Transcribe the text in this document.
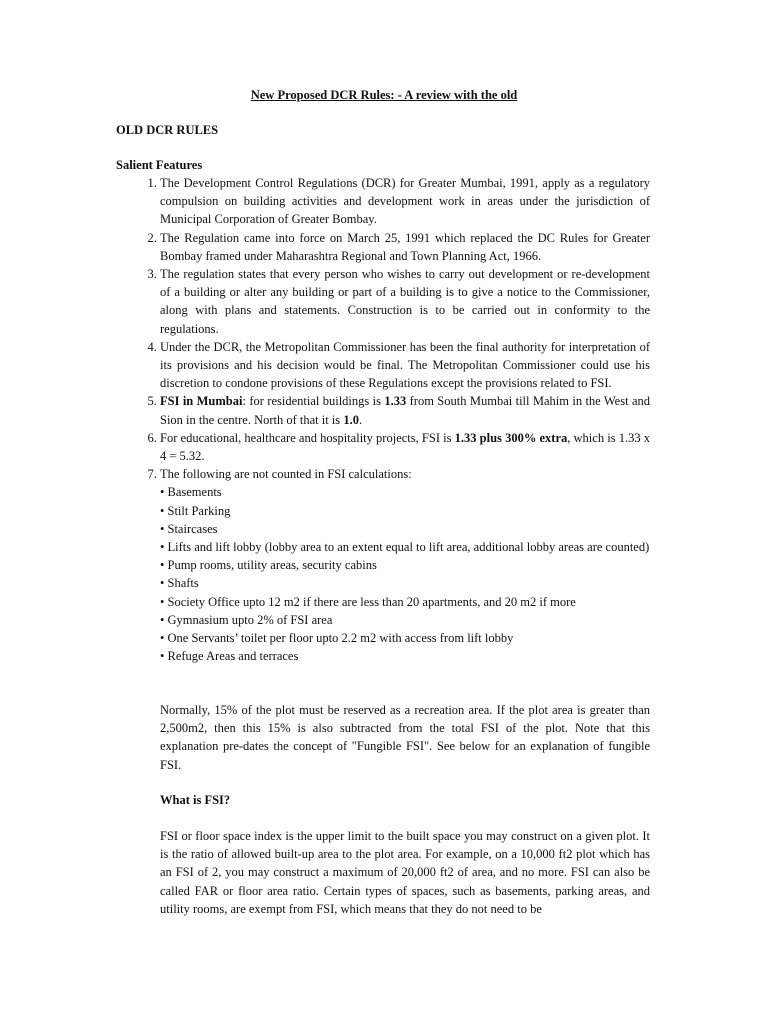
New Proposed DCR Rules: - A review with the old
OLD DCR RULES
Salient Features
1. The Development Control Regulations (DCR) for Greater Mumbai, 1991, apply as a regulatory compulsion on building activities and development work in areas under the jurisdiction of Municipal Corporation of Greater Bombay.
2. The Regulation came into force on March 25, 1991 which replaced the DC Rules for Greater Bombay framed under Maharashtra Regional and Town Planning Act, 1966.
3. The regulation states that every person who wishes to carry out development or re-development of a building or alter any building or part of a building is to give a notice to the Commissioner, along with plans and statements. Construction is to be carried out in conformity to the regulations.
4. Under the DCR, the Metropolitan Commissioner has been the final authority for interpretation of its provisions and his decision would be final. The Metropolitan Commissioner could use his discretion to condone provisions of these Regulations except the provisions related to FSI.
5. FSI in Mumbai: for residential buildings is 1.33 from South Mumbai till Mahim in the West and Sion in the centre. North of that it is 1.0.
6. For educational, healthcare and hospitality projects, FSI is 1.33 plus 300% extra, which is 1.33 x 4 = 5.32.
7. The following are not counted in FSI calculations:
• Basements
• Stilt Parking
• Staircases
• Lifts and lift lobby (lobby area to an extent equal to lift area, additional lobby areas are counted)
• Pump rooms, utility areas, security cabins
• Shafts
• Society Office upto 12 m2 if there are less than 20 apartments, and 20 m2 if more
• Gymnasium upto 2% of FSI area
• One Servants’ toilet per floor upto 2.2 m2 with access from lift lobby
• Refuge Areas and terraces

Normally, 15% of the plot must be reserved as a recreation area. If the plot area is greater than 2,500m2, then this 15% is also subtracted from the total FSI of the plot. Note that this explanation pre-dates the concept of "Fungible FSI". See below for an explanation of fungible FSI.

What is FSI?

FSI or floor space index is the upper limit to the built space you may construct on a given plot. It is the ratio of allowed built-up area to the plot area. For example, on a 10,000 ft2 plot which has an FSI of 2, you may construct a maximum of 20,000 ft2 of area, and no more. FSI can also be called FAR or floor area ratio. Certain types of spaces, such as basements, parking areas, and utility rooms, are exempt from FSI, which means that they do not need to be
